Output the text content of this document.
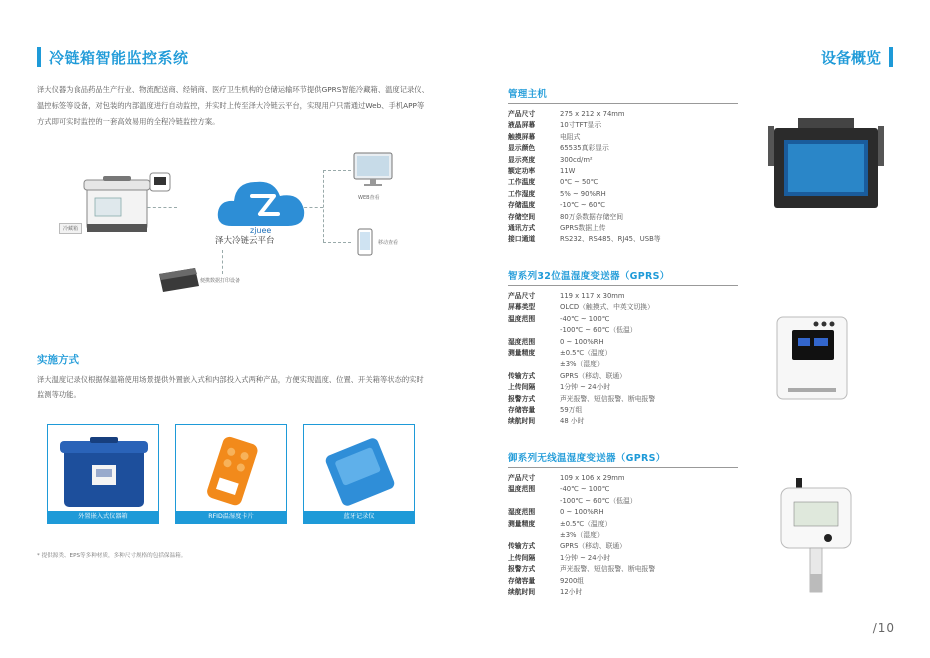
冷链箱智能监控系统	设备概览

泽大仪器为食品药品生产行业、物流配送商、经销商、医疗卫生机构的仓储运输环节提供GPRS智能冷藏箱、温度记录仪、温控标签等设备，对包装的内部温度进行自动监控，并实时上传至泽大冷链云平台，实现用户只需通过Web、手机APP等方式即可实时监控的一套高效易用的全程冷链监控方案。

冷藏箱	zjuee
泽大冷链云平台
WEB查看
移动查看
便携数据打印设备
实施方式

泽大温度记录仪根据保温箱使用场景提供外置嵌入式和内部投入式两种产品，方便实现温度、位置、开关箱等状态的实时监测等功能。

外置嵌入式仪器箱	RFID温湿度卡片	蓝牙记录仪
* 提供源类、EPS等多种材质，多种尺寸规格的包括保温箱。
管理主机
产品尺寸	275 x 212 x 74mm
液晶屏幕	10寸TFT显示
触摸屏幕	电阻式
显示颜色	65535真彩显示
显示亮度	300cd/m²
额定功率	11W
工作温度	0℃ ~ 50℃
工作湿度	5% ~ 90%RH
存储温度	-10℃ ~ 60℃
存储空间	80万条数据存储空间
通讯方式	GPRS数据上传
接口通道	RS232、RS485、RJ45、USB等
智系列32位温湿度变送器（GPRS）
产品尺寸	119 x 117 x 30mm
屏幕类型	OLCD（触摸式、中英文切换）
温度范围	-40℃ ~ 100℃
-100℃ ~ 60℃（低温）
湿度范围	0 ~ 100%RH
测量精度	±0.5℃（温度）
±3%（湿度）
传输方式	GPRS（移动、联通）
上传间隔	1分钟 ~ 24小时
报警方式	声光报警、短信报警、断电报警
存储容量	59万组
续航时间	48 小时
御系列无线温湿度变送器（GPRS）
产品尺寸	109 x 106 x 29mm
温度范围	-40℃ ~ 100℃
-100℃ ~ 60℃（低温）
湿度范围	0 ~ 100%RH
测量精度	±0.5℃（温度）
±3%（湿度）
传输方式	GPRS（移动、联通）
上传间隔	1分钟 ~ 24小时
报警方式	声光报警、短信报警、断电报警
存储容量	9200组
续航时间	12小时
/10
